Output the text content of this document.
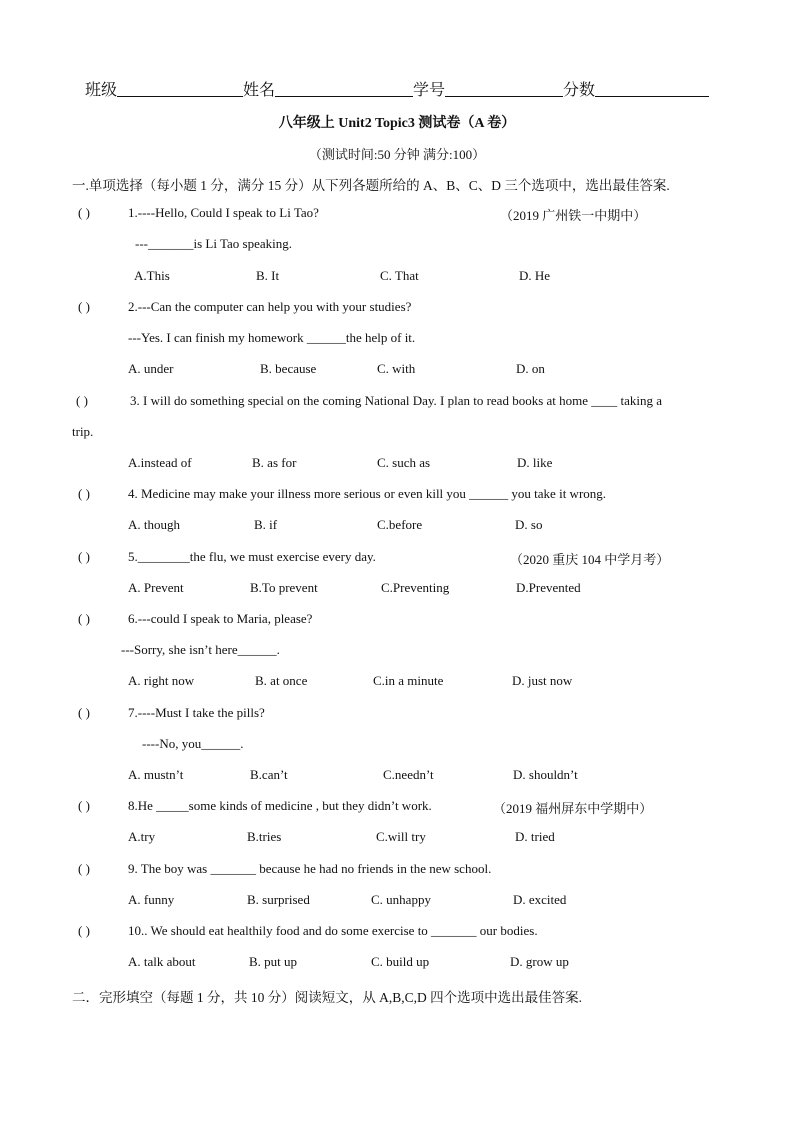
班级	姓名	学号	分数
八年级上 Unit2 Topic3 测试卷（A 卷）
（测试时间:50 分钟 满分:100）
一.单项选择（每小题 1 分，满分 15 分）从下列各题所给的 A、B、C、D 三个选项中，选出最佳答案.
( )	1.----Hello, Could I speak to Li Tao?	（2019 广州铁一中期中）
---_______is Li Tao speaking.
A.This	B. It	C. That	D. He
( )	2.---Can the computer can help you with your studies?
---Yes. I can finish my homework ______the help of it.
A. under	B. because	C. with	D. on
( )	3. I will do something special on the coming National Day. I plan to read books at home ____ taking a
trip.
A.instead of	B. as for	C. such as	D. like
( )	4. Medicine may make your illness more serious or even kill you ______ you take it wrong.
A. though	B. if	C.before	D. so
( )	5.________the flu, we must exercise every day.	（2020 重庆 104 中学月考）
A. Prevent	B.To prevent	C.Preventing	D.Prevented
( )	6.---could I speak to Maria, please?
---Sorry, she isn’t here______.
A. right now	B. at once	C.in a minute	D. just now
( )	7.----Must I take the pills?
----No, you______.
A. mustn’t	B.can’t	C.needn’t	D. shouldn’t
( )	8.He _____some kinds of medicine , but they didn’t work.	（2019 福州屏东中学期中）
A.try	B.tries	C.will try	D. tried
( )	9. The boy was _______ because he had no friends in the new school.
A. funny	B. surprised	C. unhappy	D. excited
( )	10.. We should eat healthily food and do some exercise to _______ our bodies.
A. talk about	B. put up	C. build up	D. grow up
二．完形填空（每题 1 分，共 10 分）阅读短文，从 A,B,C,D 四个选项中选出最佳答案.
